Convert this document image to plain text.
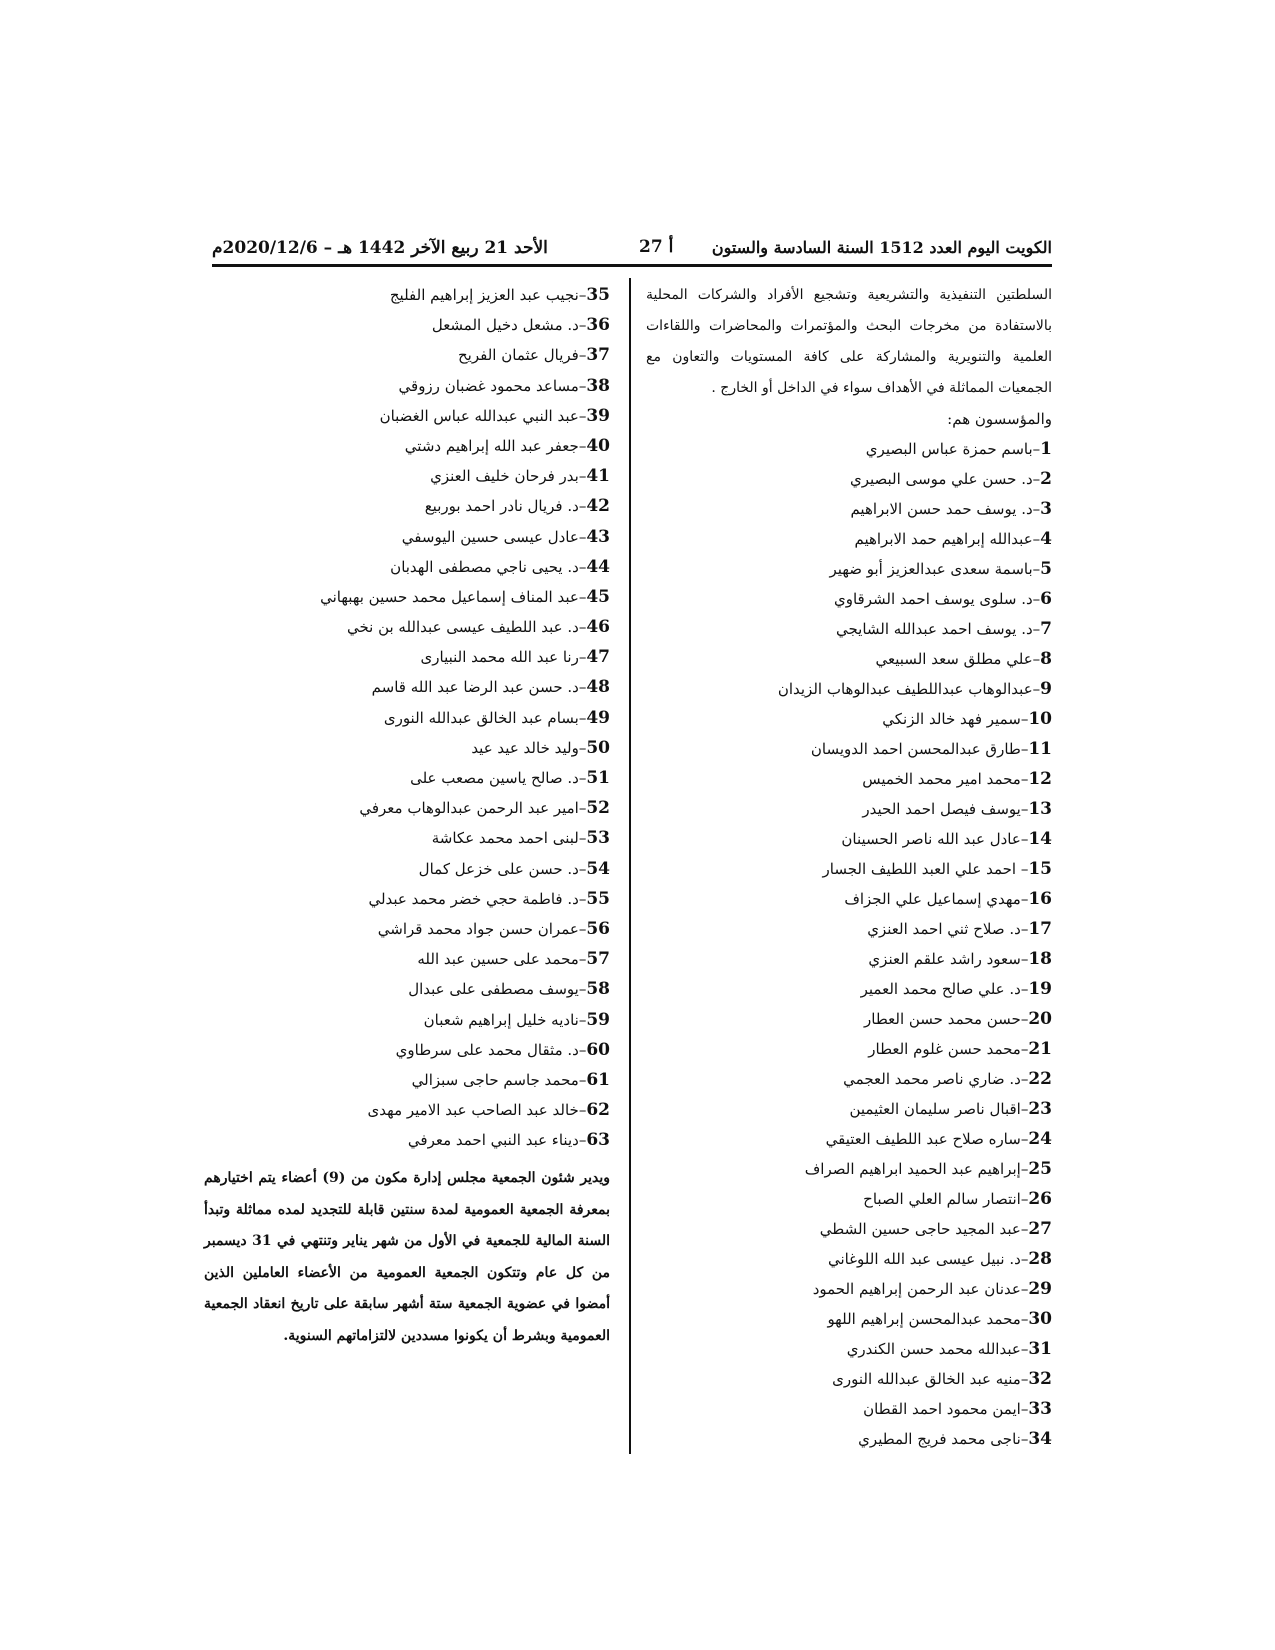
الأحد 21 ربيع الآخر 1442 هـ – 2020/12/6م	أ 27 الكويت اليوم العدد 1512 السنة السادسة والستون

السلطتين التنفيذية والتشريعية وتشجيع الأفراد والشركات المحلية بالاستفادة من مخرجات البحث والمؤتمرات والمحاضرات واللقاءات العلمية والتنويرية والمشاركة على كافة المستويات والتعاون مع الجمعيات المماثلة في الأهداف سواء في الداخل أو الخارج .

والمؤسسون هم:

1–باسم حمزة عباس البصيري
2–د. حسن علي موسى البصيري
3–د. يوسف حمد حسن الابراهيم
4–عبدالله إبراهيم حمد الابراهيم
5–باسمة سعدى عبدالعزيز أبو ضهير
6–د. سلوى يوسف احمد الشرقاوي
7–د. يوسف احمد عبدالله الشايجي
8–علي مطلق سعد السبيعي
9–عبدالوهاب عبداللطيف عبدالوهاب الزيدان
10–سمير فهد خالد الزنكي
11–طارق عبدالمحسن احمد الدويسان
12–محمد امير محمد الخميس
13–يوسف فيصل احمد الحيدر
14–عادل عبد الله ناصر الحسينان
15– احمد علي العبد اللطيف الجسار
16–مهدي إسماعيل علي الجزاف
17–د. صلاح ثني احمد العنزي
18–سعود راشد علقم العنزي
19–د. علي صالح محمد العمير
20–حسن محمد حسن العطار
21–محمد حسن غلوم العطار
22–د. ضاري ناصر محمد العجمي
23–اقبال ناصر سليمان العثيمين
24–ساره صلاح عبد اللطيف العتيقي
25–إبراهيم عبد الحميد ابراهيم الصراف
26–انتصار سالم العلي الصباح
27–عبد المجيد حاجى حسين الشطي
28–د. نبيل عيسى عبد الله اللوغاني
29–عدنان عبد الرحمن إبراهيم الحمود
30–محمد عبدالمحسن إبراهيم اللهو
31–عبدالله محمد حسن الكندري
32–منيه عبد الخالق عبدالله النورى
33–ايمن محمود احمد القطان
34–ناجى محمد فريج المطيري
35–نجيب عبد العزيز إبراهيم الفليج
36–د. مشعل دخيل المشعل
37–فريال عثمان الفريح
38–مساعد محمود غضبان رزوقي
39–عبد النبي عبدالله عباس الغضبان
40–جعفر عبد الله إبراهيم دشتي
41–بدر فرحان خليف العنزي
42–د. فريال نادر احمد بوربيع
43–عادل عيسى حسين اليوسفي
44–د. يحيى ناجي مصطفى الهدبان
45–عبد المناف إسماعيل محمد حسين بهبهاني
46–د. عبد اللطيف عيسى عبدالله بن نخي
47–رنا عبد الله محمد النبيارى
48–د. حسن عبد الرضا عبد الله قاسم
49–بسام عبد الخالق عبدالله النورى
50–وليد خالد عيد عيد
51–د. صالح ياسين مصعب على
52–امير عبد الرحمن عبدالوهاب معرفي
53–لبنى احمد محمد عكاشة
54–د. حسن على خزعل كمال
55–د. فاطمة حجي خضر محمد عبدلي
56–عمران حسن جواد محمد قراشي
57–محمد على حسين عبد الله
58–يوسف مصطفى على عبدال
59–ناديه خليل إبراهيم شعبان
60–د. مثقال محمد على سرطاوي
61–محمد جاسم حاجى سبزالي
62–خالد عبد الصاحب عبد الامير مهدى
63–ديناء عبد النبي احمد معرفي

ويدير شئون الجمعية مجلس إدارة مكون من (9) أعضاء يتم اختيارهم بمعرفة الجمعية العمومية لمدة سنتين قابلة للتجديد لمده مماثلة وتبدأ السنة المالية للجمعية في الأول من شهر يناير وتنتهي في 31 ديسمبر من كل عام وتتكون الجمعية العمومية من الأعضاء العاملين الذين أمضوا في عضوية الجمعية ستة أشهر سابقة على تاريخ انعقاد الجمعية العمومية وبشرط أن يكونوا مسددين لالتزاماتهم السنوية.
